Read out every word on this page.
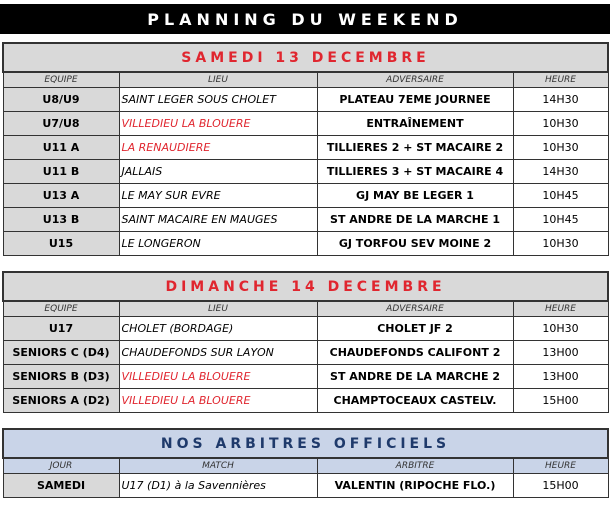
PLANNING DU WEEKEND
SAMEDI 13 DECEMBRE			
EQUIPE	LIEU	ADVERSAIRE	HEURE
U8/U9	SAINT LEGER SOUS CHOLET	PLATEAU 7EME JOURNEE	14H30
U7/U8	VILLEDIEU LA BLOUERE	ENTRAÎNEMENT	10H30
U11 A	LA RENAUDIERE	TILLIERES 2 + ST MACAIRE 2	10H30
U11 B	JALLAIS	TILLIERES 3 + ST MACAIRE 4	14H30
U13 A	LE MAY SUR EVRE	GJ MAY BE LEGER 1	10H45
U13 B	SAINT MACAIRE EN MAUGES	ST ANDRE DE LA MARCHE 1	10H45
U15	LE LONGERON	GJ TORFOU SEV MOINE 2	10H30
DIMANCHE 14 DECEMBRE			
EQUIPE	LIEU	ADVERSAIRE	HEURE
U17	CHOLET (BORDAGE)	CHOLET JF 2	10H30
SENIORS C (D4)	CHAUDEFONDS SUR LAYON	CHAUDEFONDS CALIFONT 2	13H00
SENIORS B (D3)	VILLEDIEU LA BLOUERE	ST ANDRE DE LA MARCHE 2	13H00
SENIORS A (D2)	VILLEDIEU LA BLOUERE	CHAMPTOCEAUX CASTELV.	15H00
NOS ARBITRES OFFICIELS			
JOUR	MATCH	ARBITRE	HEURE
SAMEDI	U17 (D1) à la Savennières	VALENTIN (RIPOCHE FLO.)	15H00
